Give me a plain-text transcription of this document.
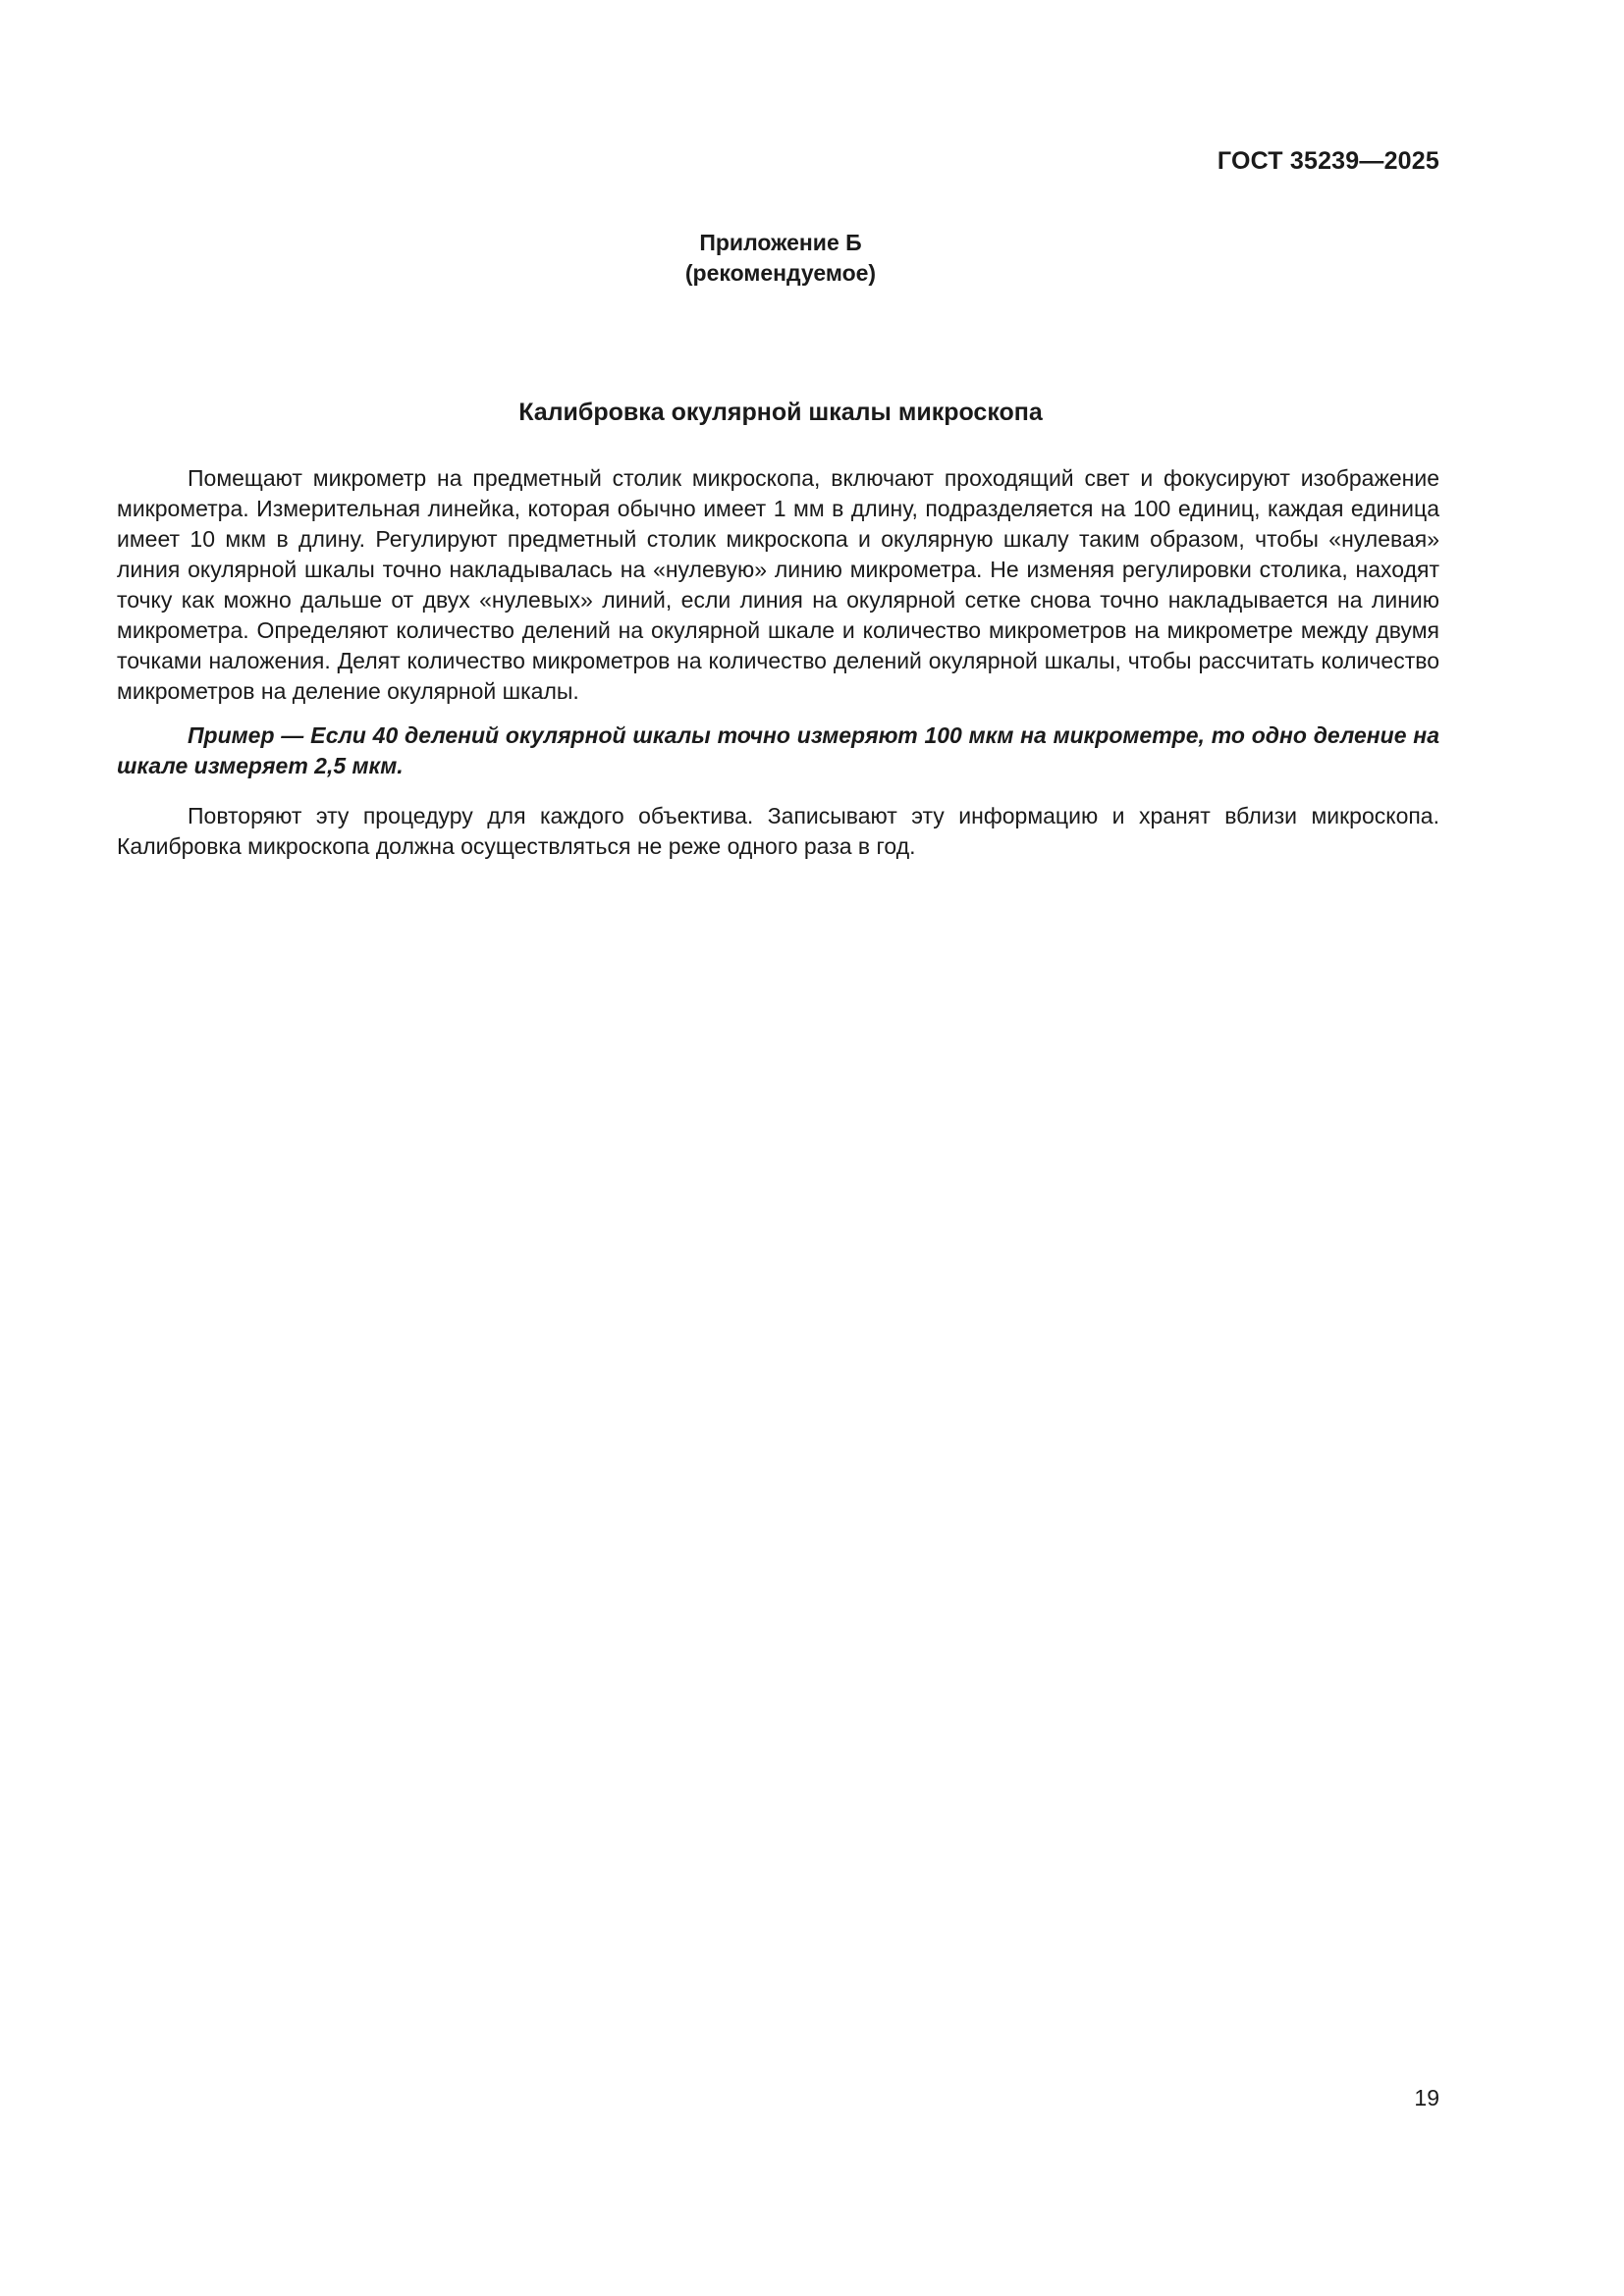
ГОСТ 35239—2025
Приложение Б
(рекомендуемое)
Калибровка окулярной шкалы микроскопа

Помещают микрометр на предметный столик микроскопа, включают проходящий свет и фокусируют изображение микрометра. Измерительная линейка, которая обычно имеет 1 мм в длину, подразделяется на 100 единиц, каждая единица имеет 10 мкм в длину. Регулируют предметный столик микроскопа и окулярную шкалу таким образом, чтобы «нулевая» линия окулярной шкалы точно накладывалась на «нулевую» линию микрометра. Не изменяя регулировки столика, находят точку как можно дальше от двух «нулевых» линий, если линия на окулярной сетке снова точно накладывается на линию микрометра. Определяют количество делений на окулярной шкале и количество микрометров на микрометре между двумя точками наложения. Делят количество микрометров на количество делений окулярной шкалы, чтобы рассчитать количество микрометров на деление окулярной шкалы.

Пример — Если 40 делений окулярной шкалы точно измеряют 100 мкм на микрометре, то одно деление на шкале измеряет 2,5 мкм.

Повторяют эту процедуру для каждого объектива. Записывают эту информацию и хранят вблизи микроскопа. Калибровка микроскопа должна осуществляться не реже одного раза в год.

19
